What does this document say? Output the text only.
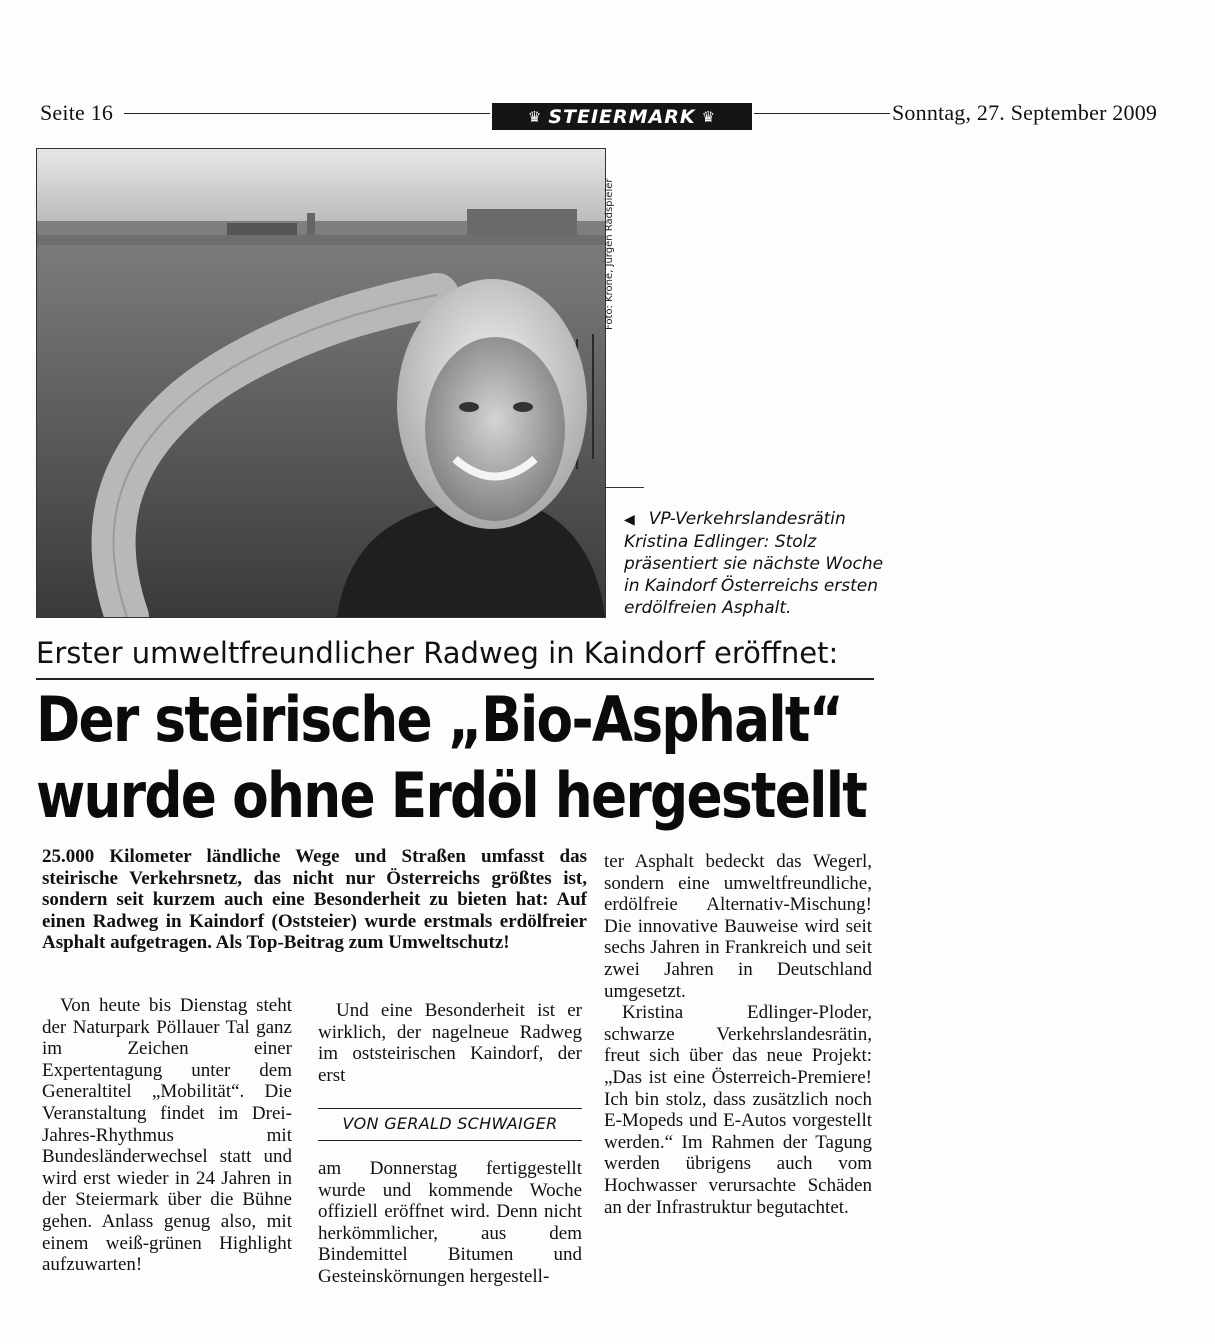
Seite 16	♛ STEIERMARK ♛	Sonntag, 27. September 2009
Foto: Krone, Jürgen Radspieler
◀ VP-Verkehrslandesrätin Kristina Edlinger: Stolz präsentiert sie nächste Woche in Kaindorf Österreichs ersten erdölfreien Asphalt.
Erster umweltfreundlicher Radweg in Kaindorf eröffnet:
Der steirische „Bio-Asphalt“
wurde ohne Erdöl hergestellt
25.000 Kilometer ländliche Wege und Straßen umfasst das steirische Verkehrsnetz, das nicht nur Österreichs größtes ist, sondern seit kurzem auch eine Besonderheit zu bieten hat: Auf einen Radweg in Kaindorf (Oststeier) wurde erstmals erdölfreier Asphalt aufgetragen. Als Top-Beitrag zum Umweltschutz!
Von heute bis Dienstag steht der Naturpark Pöllauer Tal ganz im Zeichen einer Expertentagung unter dem Generaltitel „Mobilität“. Die Veranstaltung findet im Drei-Jahres-Rhythmus mit Bundesländerwechsel statt und wird erst wieder in 24 Jahren in der Steiermark über die Bühne gehen. Anlass genug also, mit einem weiß-grünen Highlight aufzuwarten!
Und eine Besonderheit ist er wirklich, der nagelneue Radweg im oststeirischen Kaindorf, der erst
VON GERALD SCHWAIGER
am Donnerstag fertiggestellt wurde und kommende Woche offiziell eröffnet wird. Denn nicht herkömmlicher, aus dem Bindemittel Bitumen und Gesteinskörnungen hergestell-
ter Asphalt bedeckt das Wegerl, sondern eine umweltfreundliche, erdölfreie Alternativ-Mischung! Die innovative Bauweise wird seit sechs Jahren in Frankreich und seit zwei Jahren in Deutschland umgesetzt.
Kristina Edlinger-Ploder, schwarze Verkehrslandesrätin, freut sich über das neue Projekt: „Das ist eine Österreich-Premiere! Ich bin stolz, dass zusätzlich noch E-Mopeds und E-Autos vorgestellt werden.“ Im Rahmen der Tagung werden übrigens auch vom Hochwasser verursachte Schäden an der Infrastruktur begutachtet.
